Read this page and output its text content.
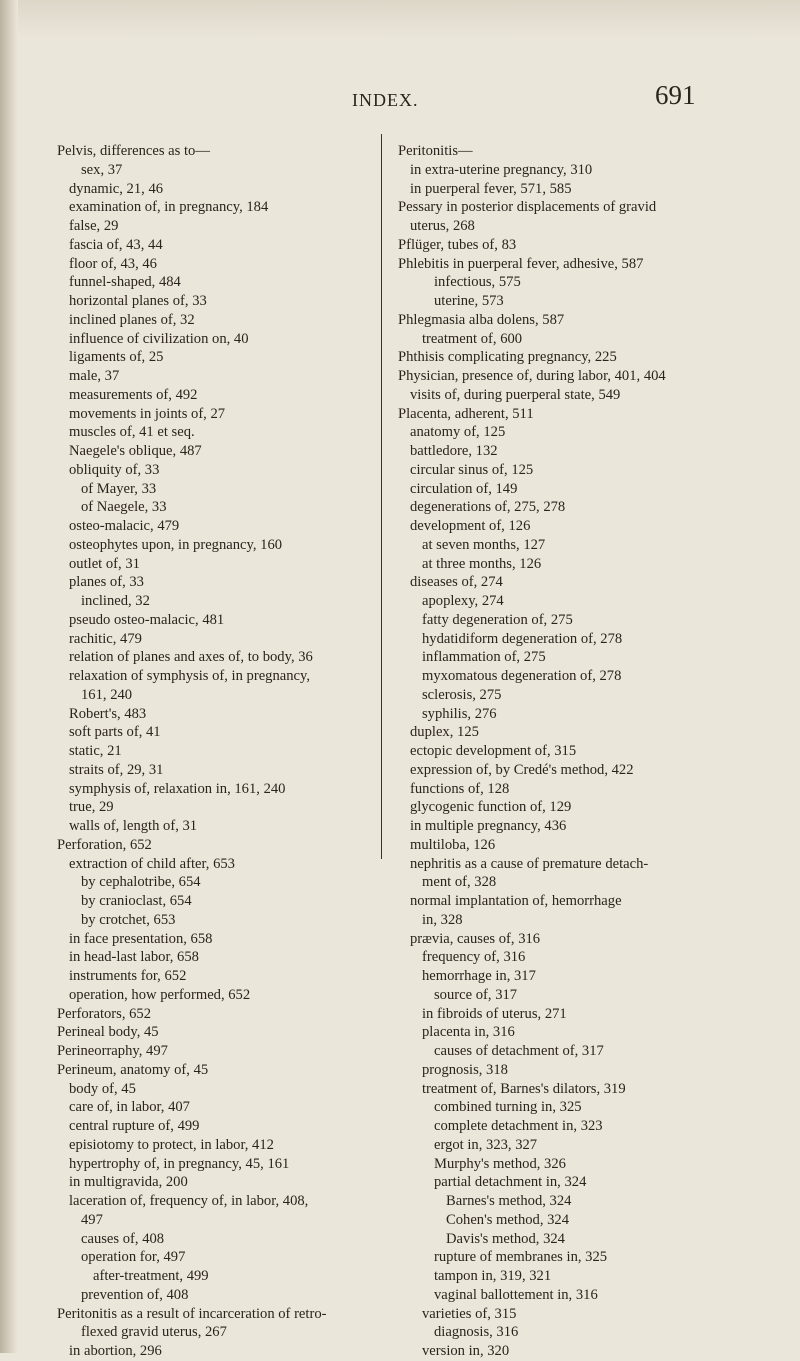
INDEX.	691
Pelvis, differences as to—
sex, 37
dynamic, 21, 46
examination of, in pregnancy, 184
false, 29
fascia of, 43, 44
floor of, 43, 46
funnel-shaped, 484
horizontal planes of, 33
inclined planes of, 32
influence of civilization on, 40
ligaments of, 25
male, 37
measurements of, 492
movements in joints of, 27
muscles of, 41 et seq.
Naegele's oblique, 487
obliquity of, 33
of Mayer, 33
of Naegele, 33
osteo-malacic, 479
osteophytes upon, in pregnancy, 160
outlet of, 31
planes of, 33
inclined, 32
pseudo osteo-malacic, 481
rachitic, 479
relation of planes and axes of, to body, 36
relaxation of symphysis of, in pregnancy,
161, 240
Robert's, 483
soft parts of, 41
static, 21
straits of, 29, 31
symphysis of, relaxation in, 161, 240
true, 29
walls of, length of, 31
Perforation, 652
extraction of child after, 653
by cephalotribe, 654
by cranioclast, 654
by crotchet, 653
in face presentation, 658
in head-last labor, 658
instruments for, 652
operation, how performed, 652
Perforators, 652
Perineal body, 45
Perineorraphy, 497
Perineum, anatomy of, 45
body of, 45
care of, in labor, 407
central rupture of, 499
episiotomy to protect, in labor, 412
hypertrophy of, in pregnancy, 45, 161
in multigravida, 200
laceration of, frequency of, in labor, 408,
497
causes of, 408
operation for, 497
after-treatment, 499
prevention of, 408
Peritonitis as a result of incarceration of retro-
flexed gravid uterus, 267
in abortion, 296
Peritonitis—
in extra-uterine pregnancy, 310
in puerperal fever, 571, 585
Pessary in posterior displacements of gravid
uterus, 268
Pflüger, tubes of, 83
Phlebitis in puerperal fever, adhesive, 587
infectious, 575
uterine, 573
Phlegmasia alba dolens, 587
treatment of, 600
Phthisis complicating pregnancy, 225
Physician, presence of, during labor, 401, 404
visits of, during puerperal state, 549
Placenta, adherent, 511
anatomy of, 125
battledore, 132
circular sinus of, 125
circulation of, 149
degenerations of, 275, 278
development of, 126
at seven months, 127
at three months, 126
diseases of, 274
apoplexy, 274
fatty degeneration of, 275
hydatidiform degeneration of, 278
inflammation of, 275
myxomatous degeneration of, 278
sclerosis, 275
syphilis, 276
duplex, 125
ectopic development of, 315
expression of, by Credé's method, 422
functions of, 128
glycogenic function of, 129
in multiple pregnancy, 436
multiloba, 126
nephritis as a cause of premature detach-
ment of, 328
normal implantation of, hemorrhage
in, 328
prævia, causes of, 316
frequency of, 316
hemorrhage in, 317
source of, 317
in fibroids of uterus, 271
placenta in, 316
causes of detachment of, 317
prognosis, 318
treatment of, Barnes's dilators, 319
combined turning in, 325
complete detachment in, 323
ergot in, 323, 327
Murphy's method, 326
partial detachment in, 324
Barnes's method, 324
Cohen's method, 324
Davis's method, 324
rupture of membranes in, 325
tampon in, 319, 321
vaginal ballottement in, 316
varieties of, 315
diagnosis, 316
version in, 320
